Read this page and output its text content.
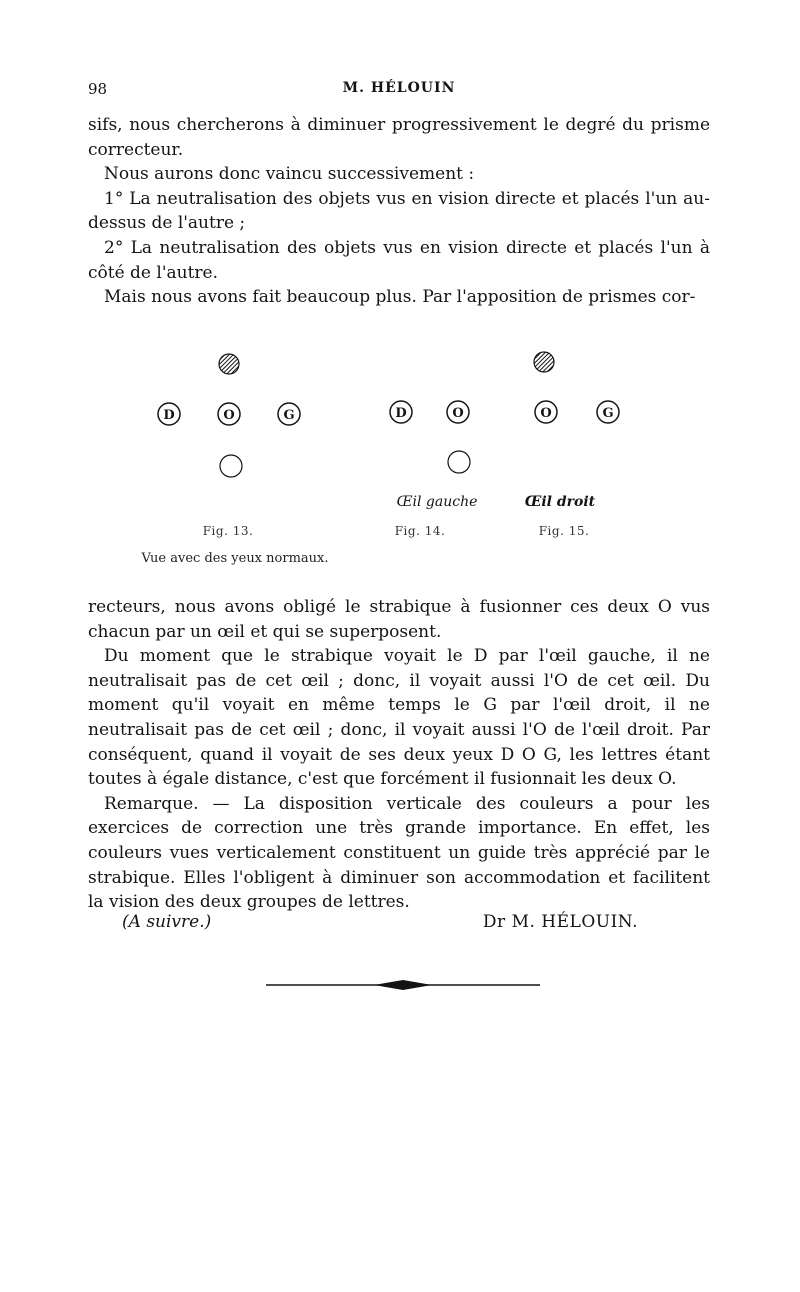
98	M. HÉLOUIN

sifs, nous chercherons à diminuer progressivement le degré du prisme correcteur.

Nous aurons donc vaincu successivement :

1° La neutralisation des objets vus en vision directe et placés l'un au-dessus de l'autre ;

2° La neutralisation des objets vus en vision directe et placés l'un à côté de l'autre.

Mais nous avons fait beaucoup plus. Par l'apposition de prismes cor-

D	O	G
Fig. 13.
Vue avec des yeux normaux.
D	O
Œil gauche
Fig. 14.
O	G
Œil droit
Fig. 15.

recteurs, nous avons obligé le strabique à fusionner ces deux O vus chacun par un œil et qui se superposent.

Du moment que le strabique voyait le D par l'œil gauche, il ne neutralisait pas de cet œil ; donc, il voyait aussi l'O de cet œil. Du moment qu'il voyait en même temps le G par l'œil droit, il ne neutralisait pas de cet œil ; donc, il voyait aussi l'O de l'œil droit. Par conséquent, quand il voyait de ses deux yeux D O G, les lettres étant toutes à égale distance, c'est que forcément il fusionnait les deux O.

Remarque. — La disposition verticale des couleurs a pour les exercices de correction une très grande importance. En effet, les couleurs vues verticalement constituent un guide très apprécié par le strabique. Elles l'obligent à diminuer son accommodation et facilitent la vision des deux groupes de lettres.

(A suivre.)	Dr M. HÉLOUIN.
